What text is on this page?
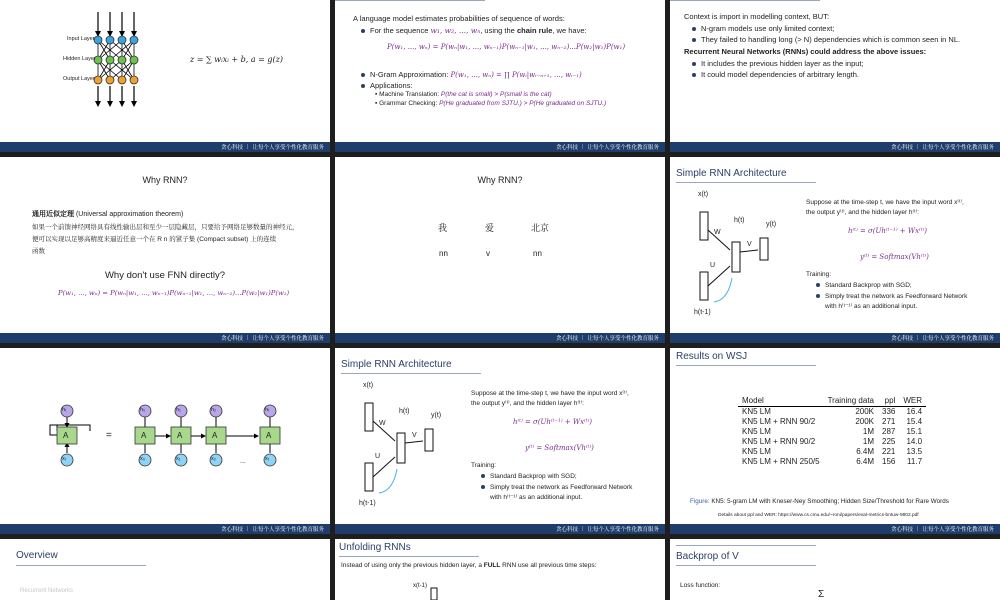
Input Layer
Hidden Layer
Output Layer
z = ∑ wᵢxᵢ + b, a = g(z)
贪心科技 | 让每个人享受个性化教育服务
A language model estimates probabilities of sequence of words:
For the sequence w₁, w₂, ..., wₙ, using the chain rule, we have:
P(w₁, ..., wₙ) = P(wₙ|w₁, ..., wₙ₋₁)P(wₙ₋₁|w₁, ..., wₙ₋₂)...P(w₂|w₁)P(w₁)
N-Gram Approximation: P(w₁, ..., wₙ) = ∏ P(wᵢ|wᵢ₋ₙ₊₁, ..., wᵢ₋₁)
Applications:
▪ Machine Translation: P(the cat is small) > P(small is the cat)
▪ Grammar Checking: P(He graduated from SJTU.) > P(He graduated on SJTU.)
贪心科技 | 让每个人享受个性化教育服务
Context is import in modelling context, BUT:
N-gram models use only limited context;
They failed to handling long (> N) dependencies which is common seen in NL.
Recurrent Neural Networks (RNNs) could address the above issues:
It includes the previous hidden layer as the input;
It could model dependencies of arbitrary length.
贪心科技 | 让每个人享受个性化教育服务
Why RNN?
通用近似定理 (Universal approximation theorem)
如果一个前馈神经网络具有线性输出层和至少一层隐藏层，只要给予网络足够数量的神经元，
便可以实现以足够高精度来逼近任意一个在 R n 的紧子集 (Compact subset) 上的连续
函数
Why don't use FNN directly?
P(w₁, ..., wₙ) = P(wₙ|w₁, ..., wₙ₋₁)P(wₙ₋₁|w₁, ..., wₙ₋₂)...P(w₂|w₁)P(w₁)
贪心科技 | 让每个人享受个性化教育服务
Why RNN?
我	爱	北京
nn	v	nn
贪心科技 | 让每个人享受个性化教育服务
Simple RNN Architecture
x(t)
h(t)
y(t)
W
V
U
h(t-1)
Suppose at the time-step t, we have the input word x⁽ᵗ⁾,
the output y⁽ᵗ⁾, and the hidden layer h⁽ᵗ⁾:
h⁽ᵗ⁾ = σ(Uh⁽ᵗ⁻¹⁾ + Wx⁽ᵗ⁾)
y⁽ᵗ⁾ = Softmax(Vh⁽ᵗ⁾)
Training:
Standard Backprop with SGD;
Simply treat the network as Feedforward Network
with h⁽ᵗ⁻¹⁾ as an additional input.
贪心科技 | 让每个人享受个性化教育服务
hₜ
A
xₜ
=
h₀	h₁	h₂	hₜ
A	A	A	A
x₀	x₁	x₂	xₜ
...
贪心科技 | 让每个人享受个性化教育服务
Simple RNN Architecture
x(t)
h(t)
y(t)
W
V
U
h(t-1)
Suppose at the time-step t, we have the input word x⁽ᵗ⁾,
the output y⁽ᵗ⁾, and the hidden layer h⁽ᵗ⁾:
h⁽ᵗ⁾ = σ(Uh⁽ᵗ⁻¹⁾ + Wx⁽ᵗ⁾)
y⁽ᵗ⁾ = Softmax(Vh⁽ᵗ⁾)
Training:
Standard Backprop with SGD;
Simply treat the network as Feedforward Network
with h⁽ᵗ⁻¹⁾ as an additional input.
贪心科技 | 让每个人享受个性化教育服务
Results on WSJ
Model	Training data	ppl	WER
KN5 LM	200K	336	16.4
KN5 LM + RNN 90/2	200K	271	15.4
KN5 LM	1M	287	15.1
KN5 LM + RNN 90/2	1M	225	14.0
KN5 LM	6.4M	221	13.5
KN5 LM + RNN 250/5	6.4M	156	11.7
Figure: KN5: 5-gram LM with Kneser-Ney Smoothing; Hidden Size/Threshold for Rare Words
Details about ppl and WER: https://www.cs.cmu.edu/~roni/papers/eval-metrics-bntuw-9802.pdf
贪心科技 | 让每个人享受个性化教育服务
Overview
Recurrent Networks
Unfolding RNNs
Instead of using only the previous hidden layer, a FULL RNN use all previous time steps:
x(t-1)
Backprop of V
Loss function:
Σ
